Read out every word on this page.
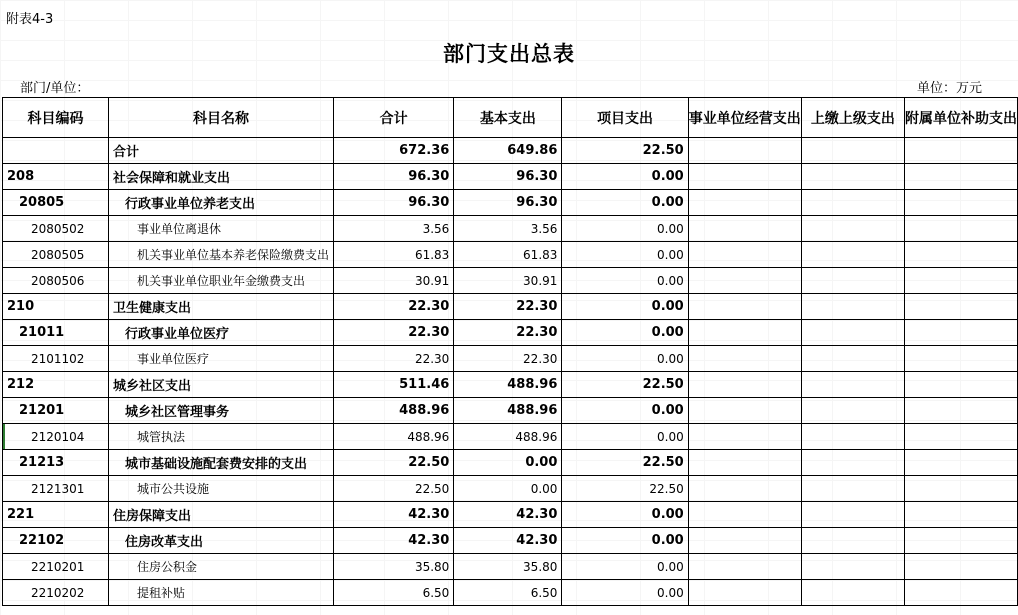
附表4-3
部门支出总表
部门/单位：	单位：万元
科目编码	科目名称	合计	基本支出	项目支出	事业单位经营支出	上缴上级支出	附属单位补助支出
	合计	672.36	649.86	22.50			
208	社会保障和就业支出	96.30	96.30	0.00			
20805	行政事业单位养老支出	96.30	96.30	0.00			
2080502	事业单位离退休	3.56	3.56	0.00			
2080505	机关事业单位基本养老保险缴费支出	61.83	61.83	0.00			
2080506	机关事业单位职业年金缴费支出	30.91	30.91	0.00			
210	卫生健康支出	22.30	22.30	0.00			
21011	行政事业单位医疗	22.30	22.30	0.00			
2101102	事业单位医疗	22.30	22.30	0.00			
212	城乡社区支出	511.46	488.96	22.50			
21201	城乡社区管理事务	488.96	488.96	0.00			
2120104	城管执法	488.96	488.96	0.00			
21213	城市基础设施配套费安排的支出	22.50	0.00	22.50			
2121301	城市公共设施	22.50	0.00	22.50			
221	住房保障支出	42.30	42.30	0.00			
22102	住房改革支出	42.30	42.30	0.00			
2210201	住房公积金	35.80	35.80	0.00			
2210202	提租补贴	6.50	6.50	0.00			
